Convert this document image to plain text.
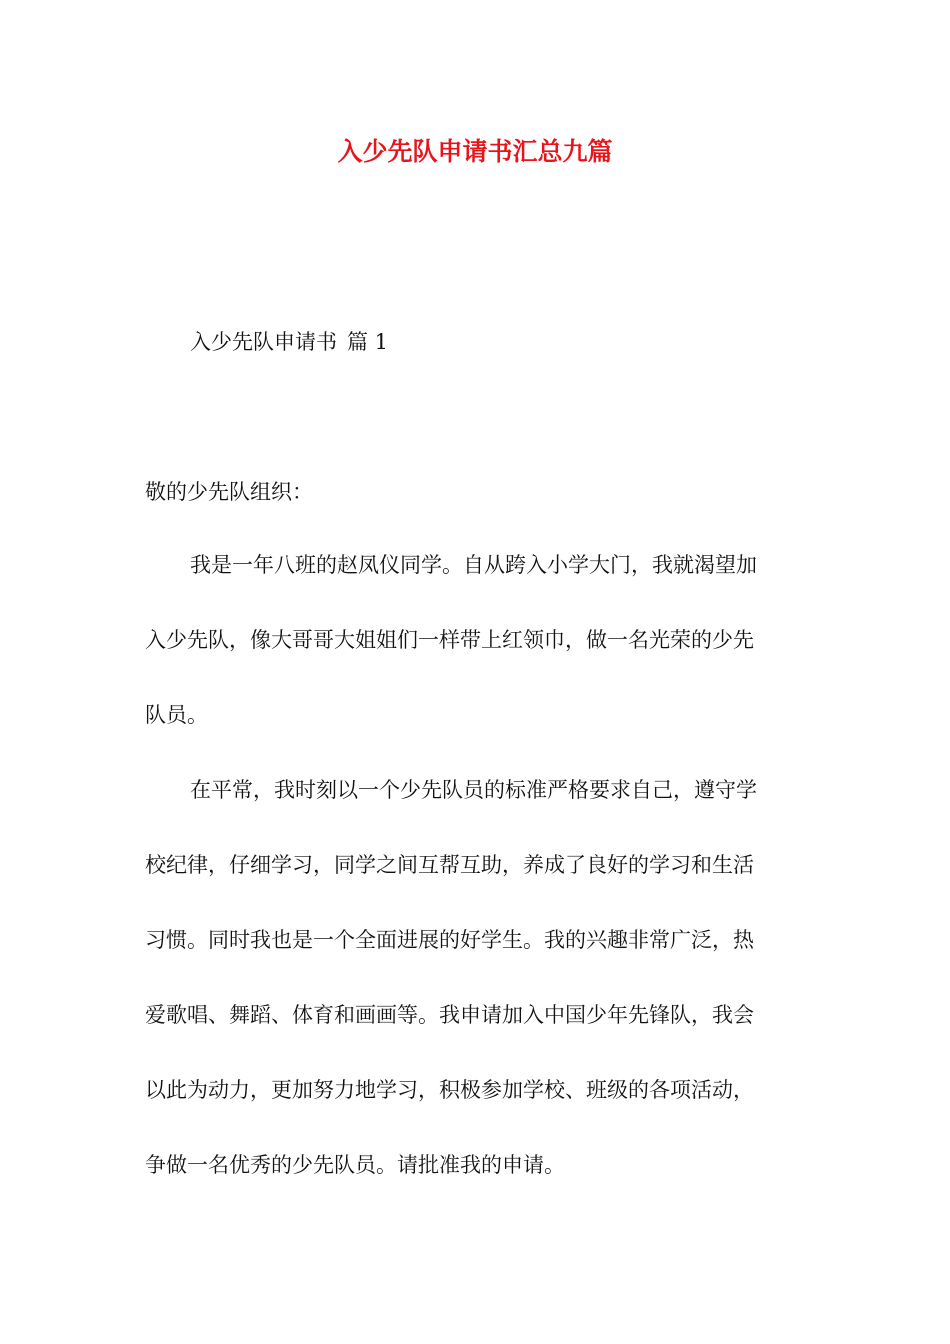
入少先队申请书汇总九篇

入少先队申请书 篇 1

敬的少先队组织：

我是一年八班的赵凤仪同学。自从跨入小学大门，我就渴望加
入少先队，像大哥哥大姐姐们一样带上红领巾，做一名光荣的少先
队员。
在平常，我时刻以一个少先队员的标准严格要求自己，遵守学
校纪律，仔细学习，同学之间互帮互助，养成了良好的学习和生活
习惯。同时我也是一个全面进展的好学生。我的兴趣非常广泛，热
爱歌唱、舞蹈、体育和画画等。我申请加入中国少年先锋队，我会
以此为动力，更加努力地学习，积极参加学校、班级的各项活动，
争做一名优秀的少先队员。请批准我的申请。
